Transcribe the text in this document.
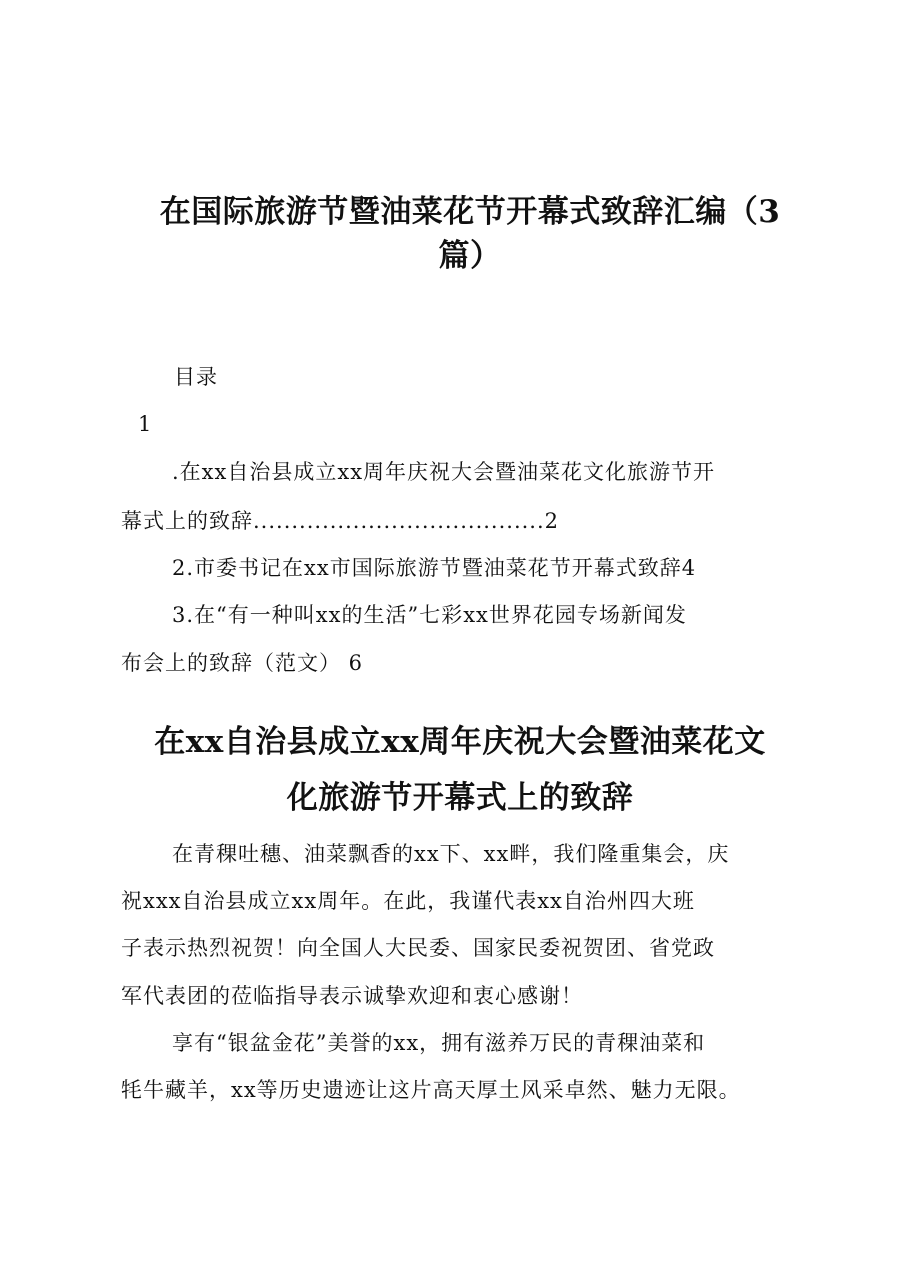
在国际旅游节暨油菜花节开幕式致辞汇编（3
篇）
目录
1
.在xx自治县成立xx周年庆祝大会暨油菜花文化旅游节开
幕式上的致辞......................................2
2.市委书记在xx市国际旅游节暨油菜花节开幕式致辞4
3.在“有一种叫xx的生活”七彩xx世界花园专场新闻发
布会上的致辞（范文） 6
在xx自治县成立xx周年庆祝大会暨油菜花文
化旅游节开幕式上的致辞
在青稞吐穗、油菜飘香的xx下、xx畔，我们隆重集会，庆
祝xxx自治县成立xx周年。在此，我谨代表xx自治州四大班
子表示热烈祝贺！向全国人大民委、国家民委祝贺团、省党政
军代表团的莅临指导表示诚挚欢迎和衷心感谢！
享有“银盆金花”美誉的xx，拥有滋养万民的青稞油菜和
牦牛藏羊，xx等历史遗迹让这片高天厚土风采卓然、魅力无限。
